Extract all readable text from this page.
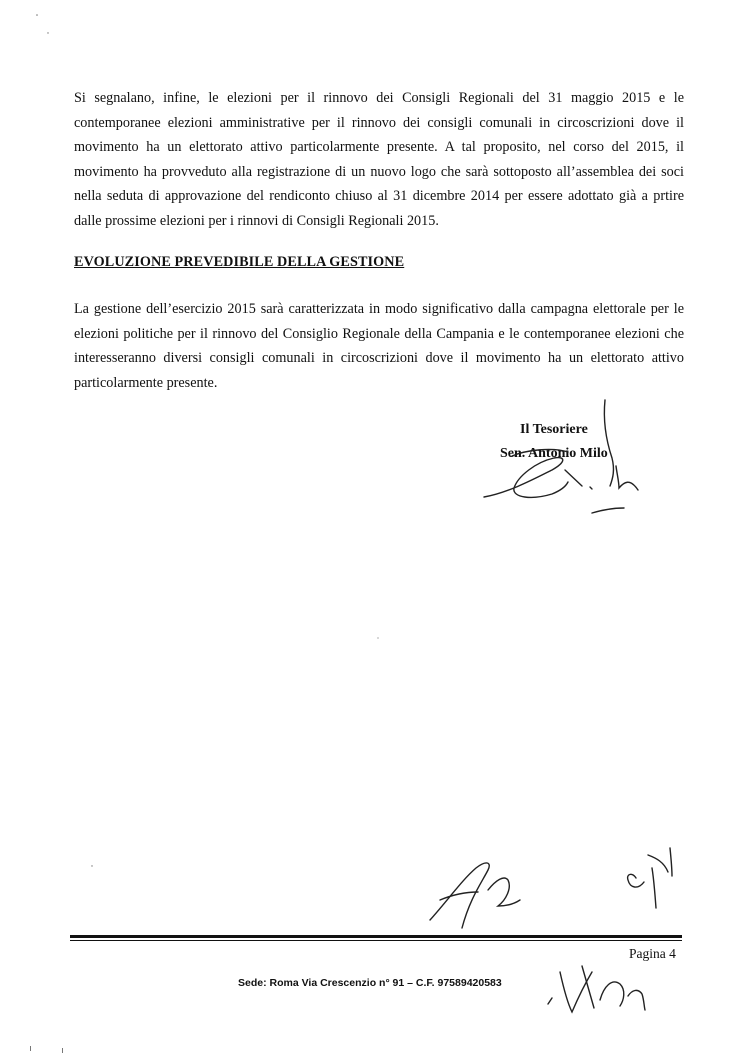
Si segnalano, infine, le elezioni per il rinnovo dei Consigli Regionali del 31 maggio 2015 e le contemporanee elezioni amministrative per il rinnovo dei consigli comunali in circoscrizioni dove il movimento ha un elettorato attivo particolarmente presente. A tal proposito, nel corso del 2015, il movimento ha provveduto alla registrazione di un nuovo logo che sarà sottoposto all’assemblea dei soci nella seduta di approvazione del rendiconto chiuso al 31 dicembre 2014 per essere adottato già a prtire dalle prossime elezioni per i rinnovi di Consigli Regionali 2015.

EVOLUZIONE PREVEDIBILE DELLA GESTIONE

La gestione dell’esercizio 2015 sarà caratterizzata in modo significativo dalla campagna elettorale per le elezioni politiche per il rinnovo del Consiglio Regionale della Campania e le contemporanee elezioni che interesseranno diversi consigli comunali in circoscrizioni dove il movimento ha un elettorato attivo particolarmente presente.

Il Tesoriere

Sen. Antonio Milo

Pagina 4
Sede: Roma Via Crescenzio n° 91 – C.F. 97589420583
